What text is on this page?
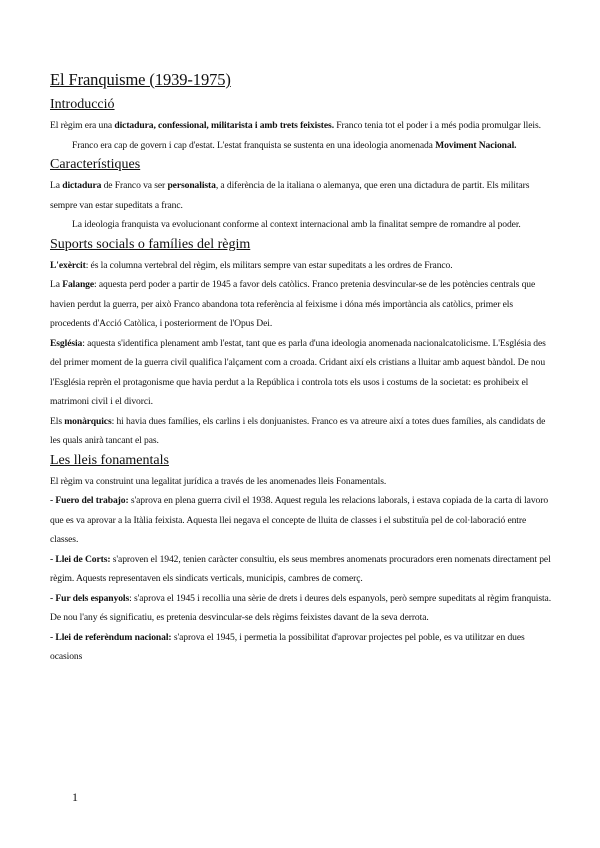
El Franquisme (1939-1975)
Introducció

El règim era una dictadura, confessional, militarista i amb trets feixistes. Franco tenia tot el poder i a més podia promulgar lleis.

Franco era cap de govern i cap d'estat. L'estat franquista se sustenta en una ideologia anomenada Moviment Nacional.

Característiques

La dictadura de Franco va ser personalista, a diferència de la italiana o alemanya, que eren una dictadura de partit. Els militars sempre van estar supeditats a franc.

La ideologia franquista va evolucionant conforme al context internacional amb la finalitat sempre de romandre al poder.

Suports socials o famílies del règim

L'exèrcit: és la columna vertebral del règim, els militars sempre van estar supeditats a les ordres de Franco.

La Falange: aquesta perd poder a partir de 1945 a favor dels catòlics. Franco pretenia desvincular-se de les potències centrals que havien perdut la guerra, per això Franco abandona tota referència al feixisme i dóna més importància als catòlics, primer els procedents d'Acció Catòlica, i posteriorment de l'Opus Dei.

Església: aquesta s'identifica plenament amb l'estat, tant que es parla d'una ideologia anomenada nacionalcatolicisme. L'Església des del primer moment de la guerra civil qualifica l'alçament com a croada. Cridant així els cristians a lluitar amb aquest bàndol. De nou l'Església reprèn el protagonisme que havia perdut a la República i controla tots els usos i costums de la societat: es prohibeix el matrimoni civil i el divorci.

Els monàrquics: hi havia dues famílies, els carlins i els donjuanistes. Franco es va atreure així a totes dues famílies, als candidats de les quals anirà tancant el pas.

Les lleis fonamentals

El règim va construint una legalitat jurídica a través de les anomenades lleis Fonamentals.

- Fuero del trabajo: s'aprova en plena guerra civil el 1938. Aquest regula les relacions laborals, i estava copiada de la carta di lavoro que es va aprovar a la Itàlia feixista. Aquesta llei negava el concepte de lluita de classes i el substituïa pel de col·laboració entre classes.

- Llei de Corts: s'aproven el 1942, tenien caràcter consultiu, els seus membres anomenats procuradors eren nomenats directament pel règim. Aquests representaven els sindicats verticals, municipis, cambres de comerç.

- Fur dels espanyols: s'aprova el 1945 i recollia una sèrie de drets i deures dels espanyols, però sempre supeditats al règim franquista. De nou l'any és significatiu, es pretenia desvincular-se dels règims feixistes davant de la seva derrota.

- Llei de referèndum nacional: s'aprova el 1945, i permetia la possibilitat d'aprovar projectes pel poble, es va utilitzar en dues ocasions

1
